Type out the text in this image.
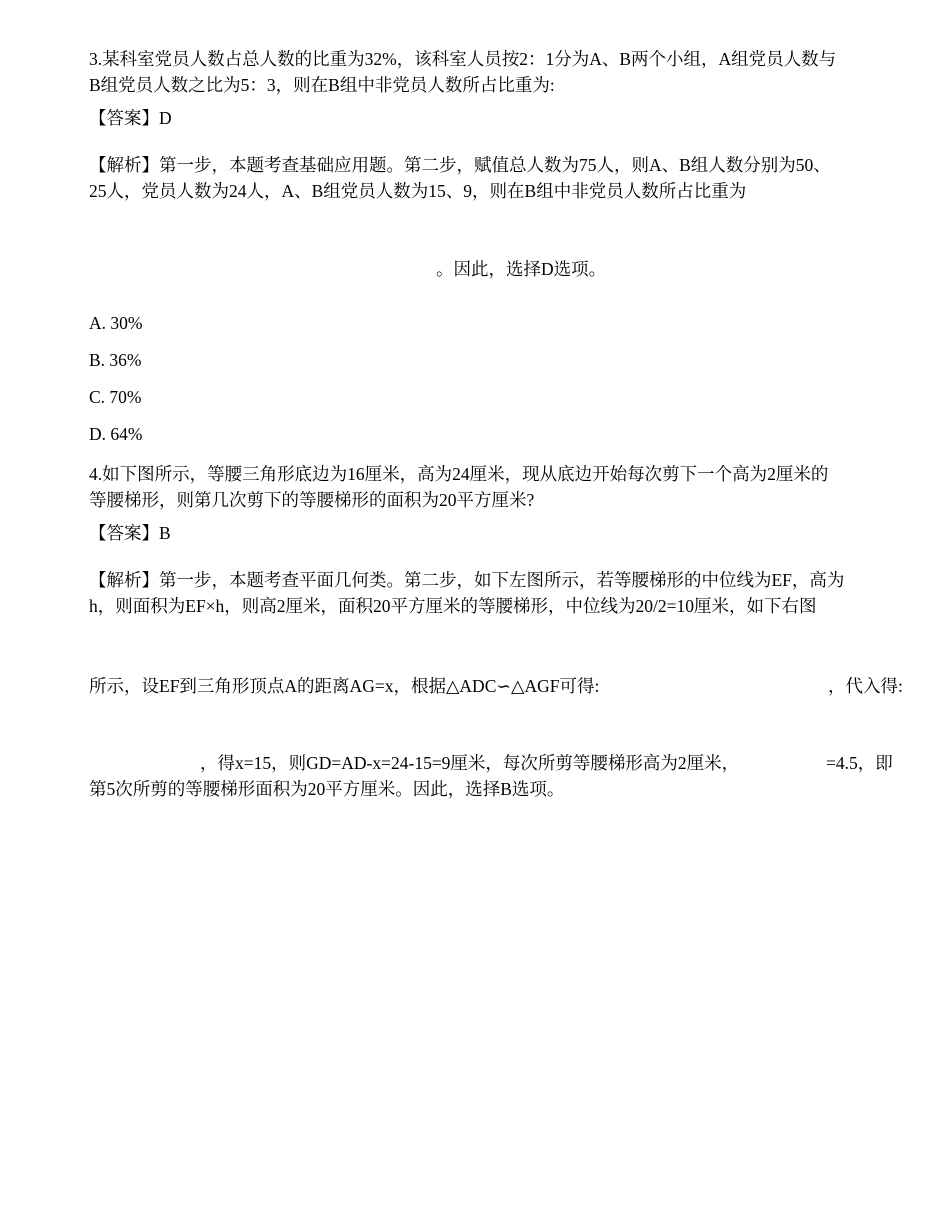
3.某科室党员人数占总人数的比重为32%，该科室人员按2：1分为A、B两个小组，A组党员人数与

B组党员人数之比为5：3，则在B组中非党员人数所占比重为:

【答案】D

【解析】第一步，本题考查基础应用题。第二步，赋值总人数为75人，则A、B组人数分别为50、

25人，党员人数为24人，A、B组党员人数为15、9，则在B组中非党员人数所占比重为

。因此，选择D选项。

A. 30%

B. 36%

C. 70%

D. 64%

4.如下图所示，等腰三角形底边为16厘米，高为24厘米，现从底边开始每次剪下一个高为2厘米的

等腰梯形，则第几次剪下的等腰梯形的面积为20平方厘米?

【答案】B

【解析】第一步，本题考查平面几何类。第二步，如下左图所示，若等腰梯形的中位线为EF，高为

h，则面积为EF×h，则高2厘米，面积20平方厘米的等腰梯形，中位线为20/2=10厘米，如下右图

所示，设EF到三角形顶点A的距离AG=x，根据△ADC∽△AGF可得:	，代入得:

，得x=15，则GD=AD-x=24-15=9厘米，每次所剪等腰梯形高为2厘米，	=4.5，即

第5次所剪的等腰梯形面积为20平方厘米。因此，选择B选项。
